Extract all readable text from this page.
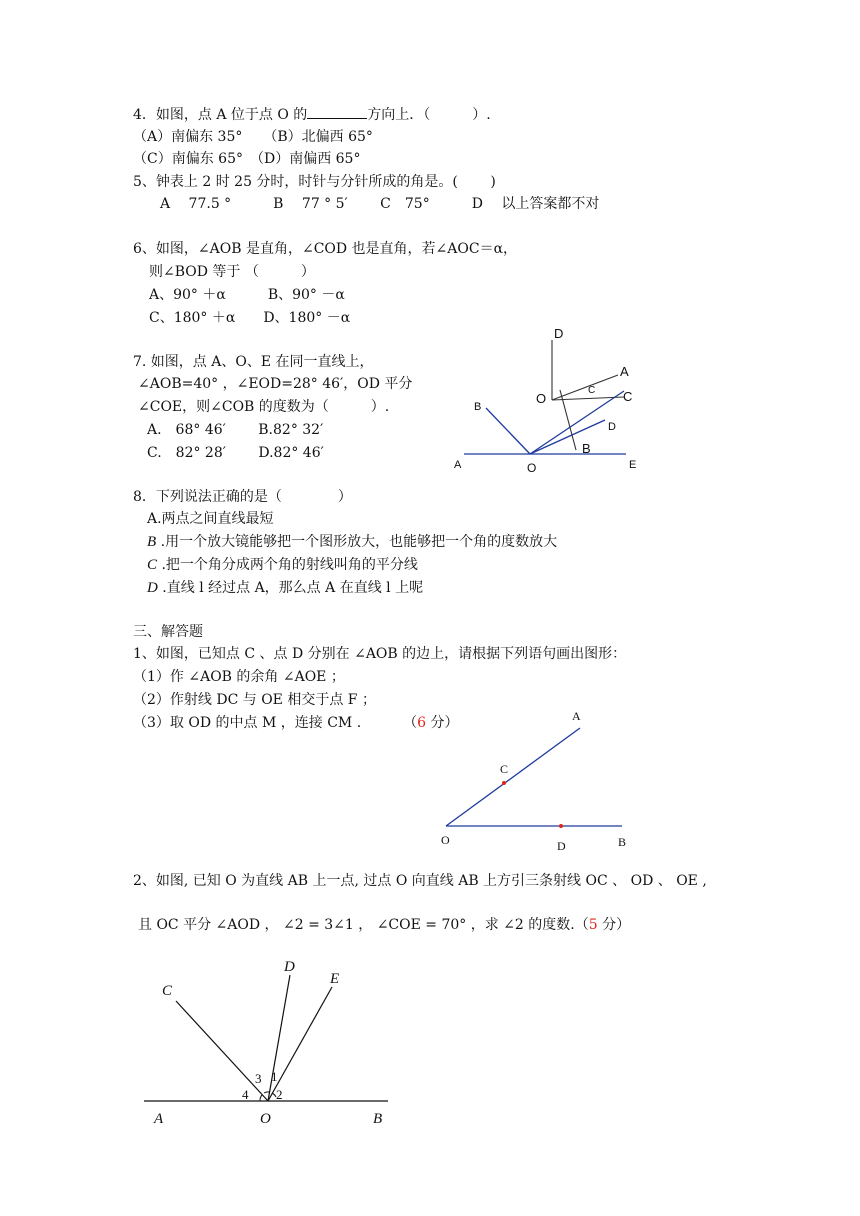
4．如图，点 A 位于点 O 的	方向上．（　　　）.
（A）南偏东 35°　　（B）北偏西 65°
（C）南偏东 65°　（D）南偏西 65°
5、钟表上 2 时 25 分时，时针与分针所成的角是。(　　 )
A　 77.5 °　　　B　 77 ° 5′　　 C　75°　　　D　 以上答案都不对
6、如图，∠AOB 是直角，∠COD 也是直角，若∠AOC＝α，
则∠BOD 等于 （　　　）
A、90° ＋α　　　B、90° －α
C、180° ＋α　　D、180° －α
7. 如图，点 A、O、E 在同一直线上，
∠AOB=40° ，∠EOD=28° 46′，OD 平分
∠COE，则∠COB 的度数为（　　　）.
A.　68° 46′　　 B.82° 32′
C.　82° 28′　　 D.82° 46′
D
A
C
O	C
B
D
B
A	O	E
8．下列说法正确的是（　　　　）
A.两点之间直线最短
B .用一个放大镜能够把一个图形放大，也能够把一个角的度数放大
C .把一个角分成两个角的射线叫角的平分线
D .直线 l 经过点 A，那么点 A 在直线 l 上呢
三、解答题
1、如图，已知点 C 、点 D 分别在 ∠AOB 的边上，请根据下列语句画出图形：
（1）作 ∠AOB 的余角 ∠AOE ；
（2）作射线 DC 与 OE 相交于点 F ；
（3）取 OD 的中点 M ，连接 CM .	（6 分）	A
C
O	D	B
2、如图, 已知 O 为直线 AB 上一点, 过点 O 向直线 AB 上方引三条射线 OC 、 OD 、 OE ,
且 OC 平分 ∠AOD ， ∠2 = 3∠1 ， ∠COE = 70° ，求 ∠2 的度数.（5 分）
C
D
E
A	O	B
3 1
4 2
